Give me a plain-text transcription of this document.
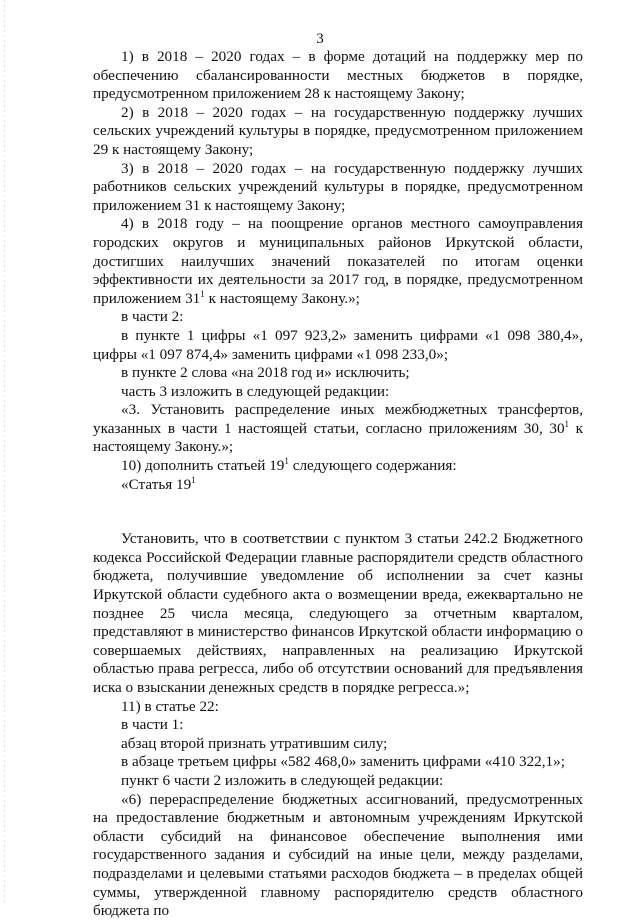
3

1) в 2018 – 2020 годах – в форме дотаций на поддержку мер по обеспечению сбалансированности местных бюджетов в порядке, предусмотренном приложением 28 к настоящему Закону;

2) в 2018 – 2020 годах – на государственную поддержку лучших сельских учреждений культуры в порядке, предусмотренном приложением 29 к настоящему Закону;

3) в 2018 – 2020 годах – на государственную поддержку лучших работников сельских учреждений культуры в порядке, предусмотренном приложением 31 к настоящему Закону;

4) в 2018 году – на поощрение органов местного самоуправления городских округов и муниципальных районов Иркутской области, достигших наилучших значений показателей по итогам оценки эффективности их деятельности за 2017 год, в порядке, предусмотренном приложением $31^1$ к настоящему Закону.»;

в части 2:

в пункте 1 цифры «1 097 923,2» заменить цифрами «1 098 380,4», цифры «1 097 874,4» заменить цифрами «1 098 233,0»;

в пункте 2 слова «на 2018 год и» исключить;

часть 3 изложить в следующей редакции:

«3. Установить распределение иных межбюджетных трансфертов, указанных в части 1 настоящей статьи, согласно приложениям 30, $30^1$ к настоящему Закону.»;

10) дополнить статьей $19^1$ следующего содержания:

«Статья $19^1$

Установить, что в соответствии с пунктом 3 статьи 242.2 Бюджетного кодекса Российской Федерации главные распорядители средств областного бюджета, получившие уведомление об исполнении за счет казны Иркутской области судебного акта о возмещении вреда, ежеквартально не позднее 25 числа месяца, следующего за отчетным кварталом, представляют в министерство финансов Иркутской области информацию о совершаемых действиях, направленных на реализацию Иркутской областью права регресса, либо об отсутствии оснований для предъявления иска о взыскании денежных средств в порядке регресса.»;

11) в статье 22:

в части 1:

абзац второй признать утратившим силу;

в абзаце третьем цифры «582 468,0» заменить цифрами «410 322,1»;

пункт 6 части 2 изложить в следующей редакции:

«6) перераспределение бюджетных ассигнований, предусмотренных на предоставление бюджетным и автономным учреждениям Иркутской области субсидий на финансовое обеспечение выполнения ими государственного задания и субсидий на иные цели, между разделами, подразделами и целевыми статьями расходов бюджета – в пределах общей суммы, утвержденной главному распорядителю средств областного бюджета по
